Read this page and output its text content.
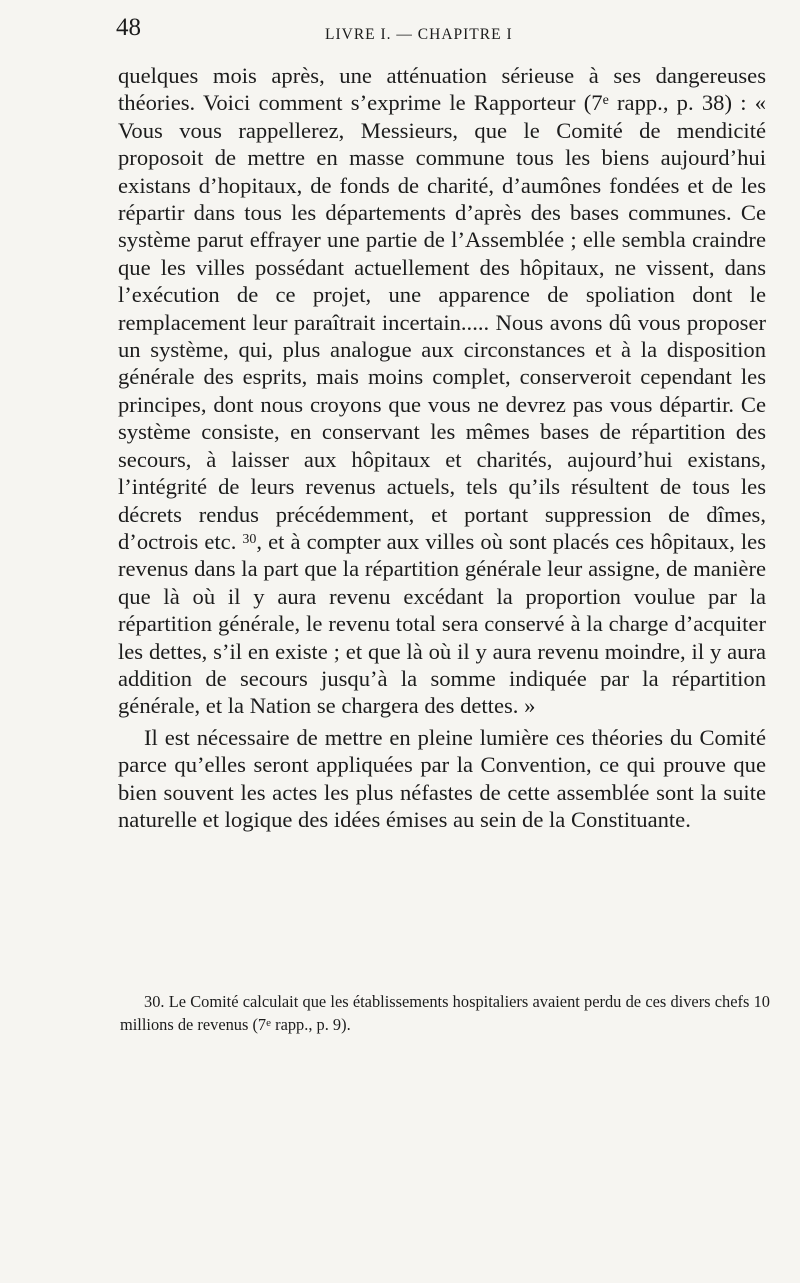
48	LIVRE I. — CHAPITRE I

quelques mois après, une atténuation sérieuse à ses dangereuses théories. Voici comment s’exprime le Rapporteur (7e rapp., p. 38) : « Vous vous rappellerez, Messieurs, que le Comité de mendicité proposoit de mettre en masse commune tous les biens aujourd’hui existans d’hopitaux, de fonds de charité, d’aumônes fondées et de les répartir dans tous les départements d’après des bases communes. Ce système parut effrayer une partie de l’Assemblée ; elle sembla craindre que les villes possédant actuellement des hôpitaux, ne vissent, dans l’exécution de ce projet, une apparence de spoliation dont le remplacement leur paraîtrait incertain..... Nous avons dû vous proposer un système, qui, plus analogue aux circonstances et à la disposition générale des esprits, mais moins complet, conserveroit cependant les principes, dont nous croyons que vous ne devrez pas vous départir. Ce système consiste, en conservant les mêmes bases de répartition des secours, à laisser aux hôpitaux et charités, aujourd’hui existans, l’intégrité de leurs revenus actuels, tels qu’ils résultent de tous les décrets rendus précédemment, et portant suppression de dîmes, d’octrois etc. $^{30}$, et à compter aux villes où sont placés ces hôpitaux, les revenus dans la part que la répartition générale leur assigne, de manière que là où il y aura revenu excédant la proportion voulue par la répartition générale, le revenu total sera conservé à la charge d’acquiter les dettes, s’il en existe ; et que là où il y aura revenu moindre, il y aura addition de secours jusqu’à la somme indiquée par la répartition générale, et la Nation se chargera des dettes. »

Il est nécessaire de mettre en pleine lumière ces théories du Comité parce qu’elles seront appliquées par la Convention, ce qui prouve que bien souvent les actes les plus néfastes de cette assemblée sont la suite naturelle et logique des idées émises au sein de la Constituante.

30. Le Comité calculait que les établissements hospitaliers avaient perdu de ces divers chefs 10 millions de revenus (7e rapp., p. 9).
